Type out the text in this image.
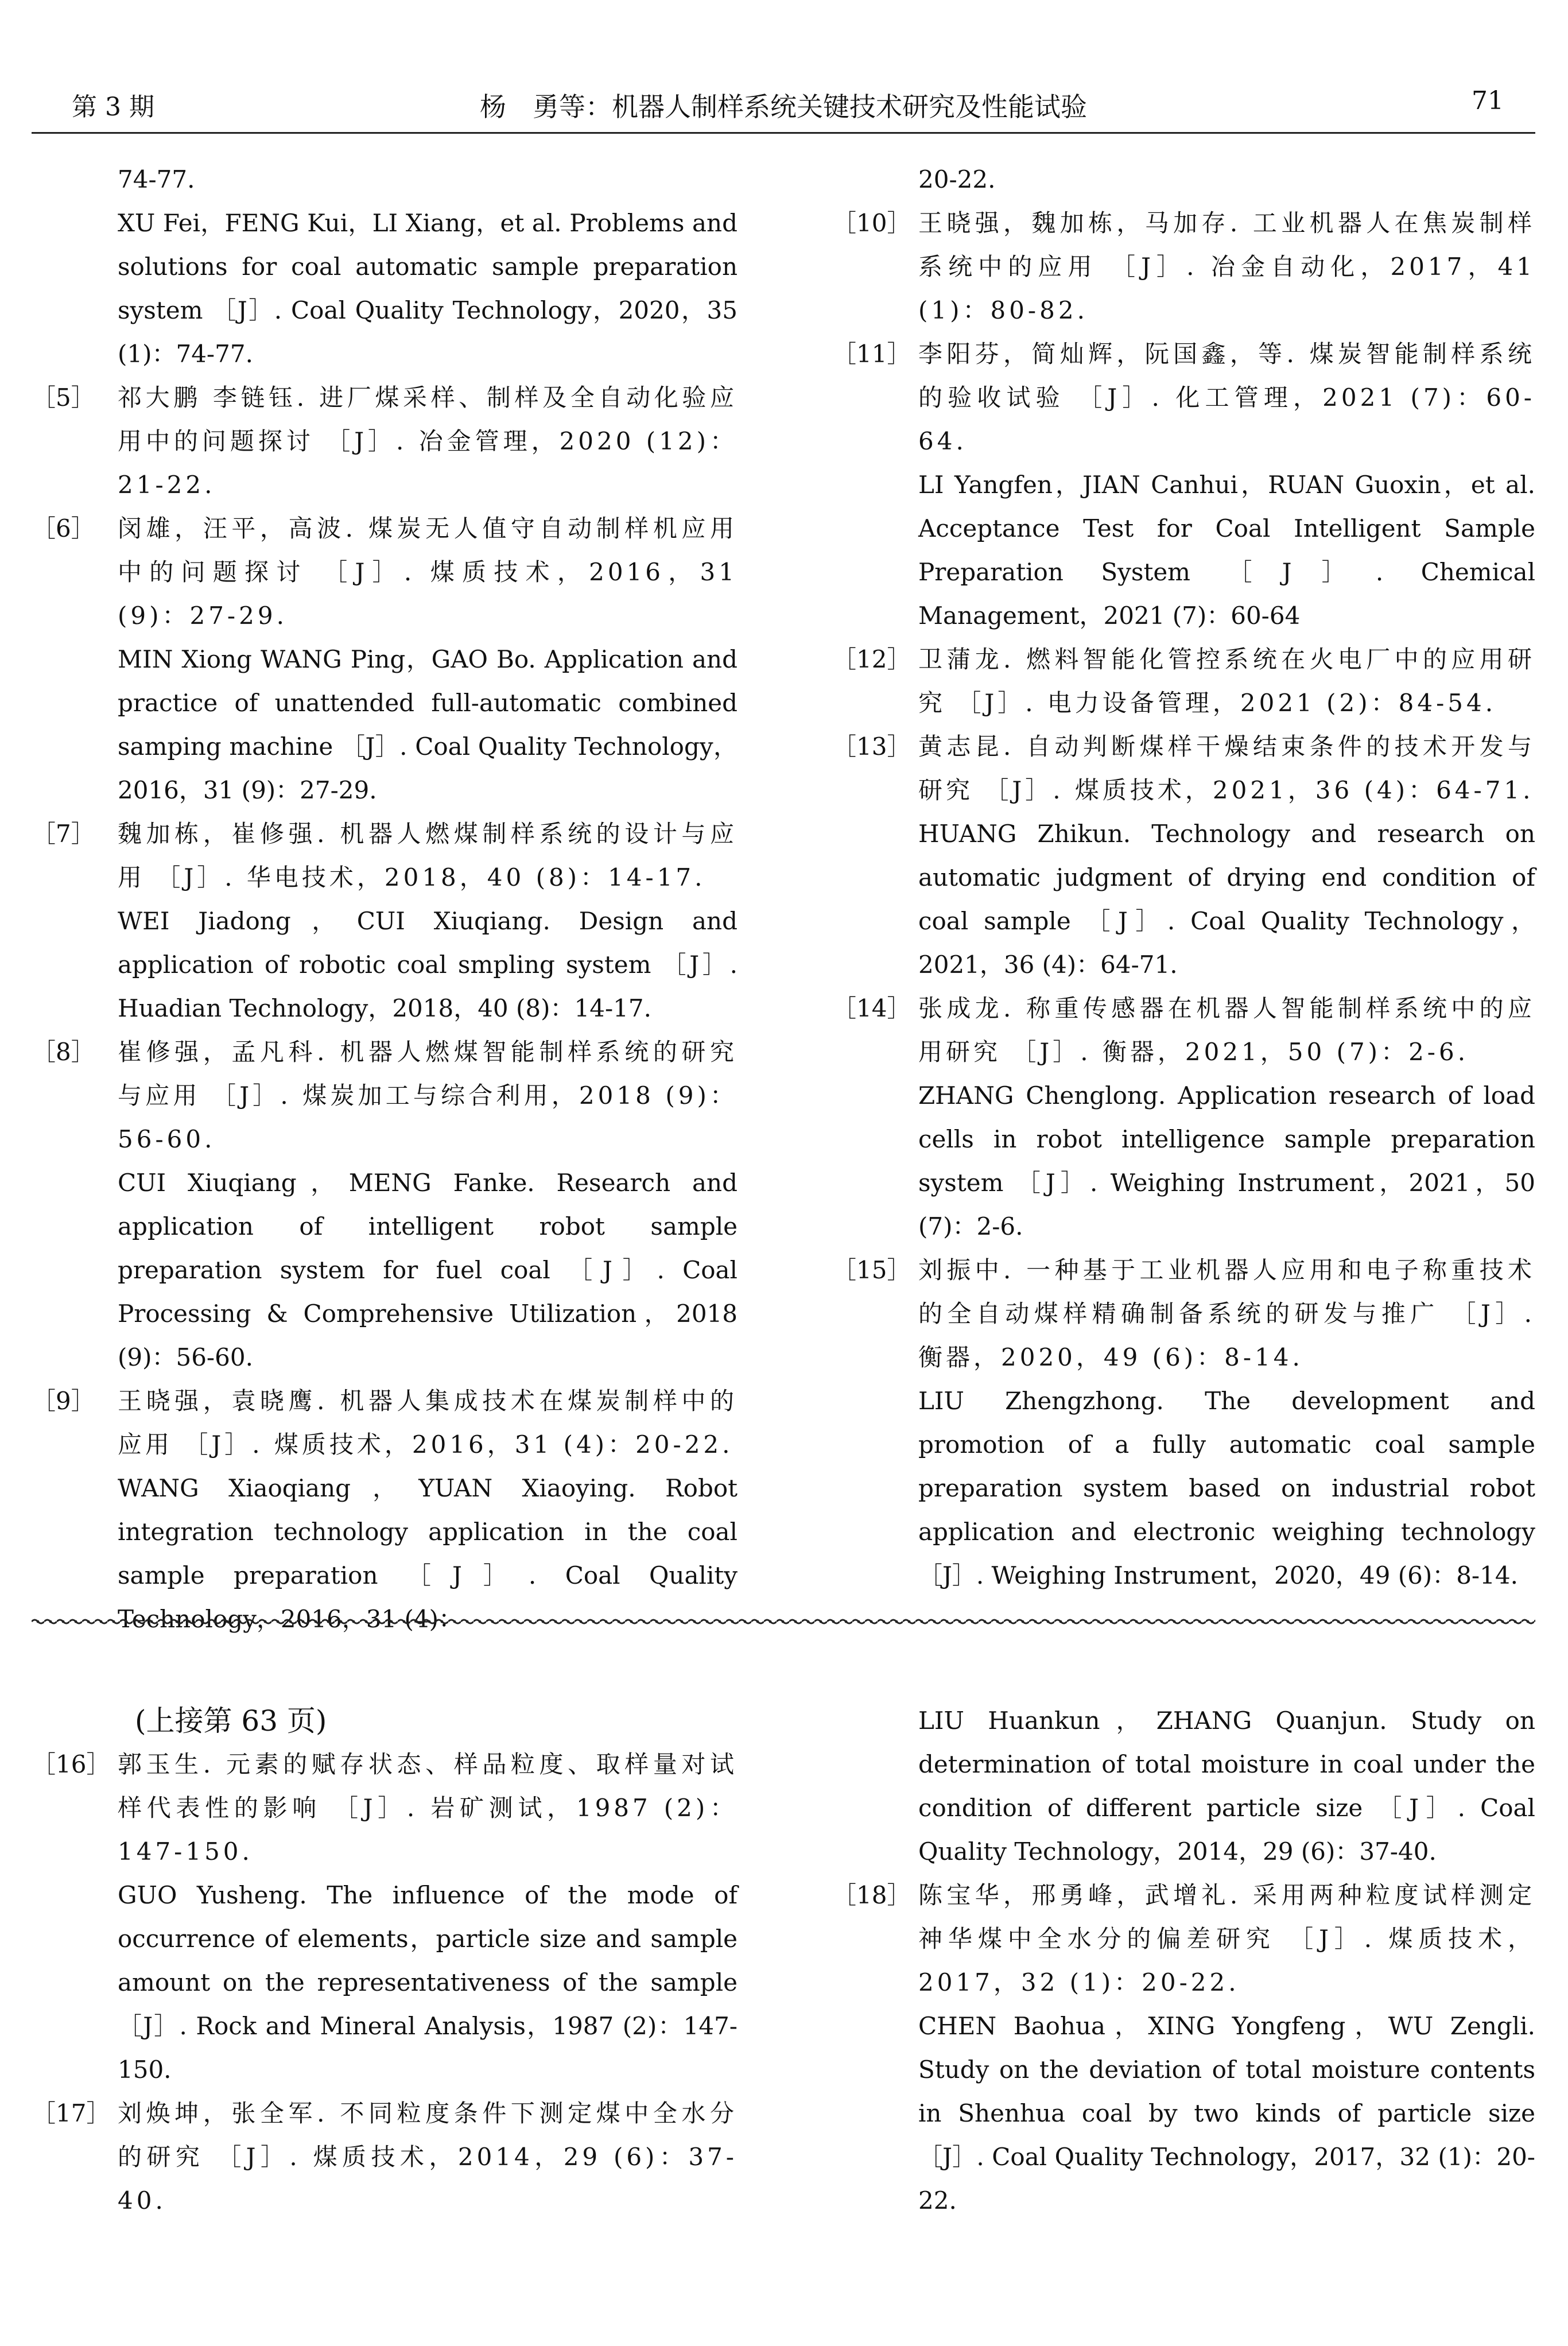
第 3 期	杨　勇等：机器人制样系统关键技术研究及性能试验	71
74-77.
XU Fei，FENG Kui，LI Xiang，et al. Problems and solutions for coal automatic sample preparation system ［J］. Coal Quality Technology，2020，35 (1)：74-77.
［5］ 祁大鹏 李链钰. 进厂煤采样、制样及全自动化验应用中的问题探讨 ［J］. 冶金管理，2020 (12)：21-22.
［6］ 闵雄，汪平，高波. 煤炭无人值守自动制样机应用中的问题探讨 ［J］. 煤质技术，2016，31 (9)：27-29.
MIN Xiong WANG Ping，GAO Bo. Application and practice of unattended full-automatic combined samping machine ［J］. Coal Quality Technology，2016，31 (9)：27-29.
［7］ 魏加栋，崔修强. 机器人燃煤制样系统的设计与应用 ［J］. 华电技术，2018，40 (8)：14-17.
WEI Jiadong，CUI Xiuqiang. Design and application of robotic coal smpling system ［J］. Huadian Technology，2018，40 (8)：14-17.
［8］ 崔修强，孟凡科. 机器人燃煤智能制样系统的研究与应用 ［J］. 煤炭加工与综合利用，2018 (9)：56-60.
CUI Xiuqiang，MENG Fanke. Research and application of intelligent robot sample preparation system for fuel coal ［J］. Coal Processing & Comprehensive Utilization，2018 (9)：56-60.
［9］ 王晓强，袁晓鹰. 机器人集成技术在煤炭制样中的应用 ［J］. 煤质技术，2016，31 (4)：20-22.
WANG Xiaoqiang，YUAN Xiaoying. Robot integration technology application in the coal sample preparation ［J］. Coal Quality
20-22.
［10］ 王晓强，魏加栋，马加存. 工业机器人在焦炭制样系统中的应用 ［J］. 冶金自动化，2017，41 (1)：80-82.
［11］ 李阳芬，简灿辉，阮国鑫，等. 煤炭智能制样系统的验收试验 ［J］. 化工管理，2021 (7)：60-64.
LI Yangfen，JIAN Canhui，RUAN Guoxin，et al. Acceptance Test for Coal Intelligent Sample Preparation System ［J］. Chemical Management，2021 (7)：60-64
［12］ 卫蒲龙. 燃料智能化管控系统在火电厂中的应用研究 ［J］. 电力设备管理，2021 (2)：84-54.
［13］ 黄志昆. 自动判断煤样干燥结束条件的技术开发与研究 ［J］. 煤质技术，2021，36 (4)：64-71.
HUANG Zhikun. Technology and research on automatic judgment of drying end condition of coal sample ［J］. Coal Quality Technology，2021，36 (4)：64-71.
［14］ 张成龙. 称重传感器在机器人智能制样系统中的应用研究 ［J］. 衡器，2021，50 (7)：2-6.
ZHANG Chenglong. Application research of load cells in robot intelligence sample preparation system ［J］. Weighing Instrument，2021，50 (7)：2-6.
［15］ 刘振中. 一种基于工业机器人应用和电子称重技术的全自动煤样精确制备系统的研发与推广 ［J］. 衡器，2020，49 (6)：8-14.
LIU Zhengzhong. The development and promotion of a fully automatic coal sample preparation system based on industrial robot application and electronic weighing technology ［J］. Weighing Instrument，2020，49 (6)：8-14.
(上接第 63 页)
［16］ 郭玉生. 元素的赋存状态、样品粒度、取样量对试样代表性的影响 ［J］. 岩矿测试，1987 (2)：147-150.
GUO Yusheng. The influence of the mode of occurrence of elements，particle size and sample amount on the representativeness of the sample ［J］. Rock and Mineral Analysis，1987 (2)：147-150.
［17］ 刘焕坤，张全军. 不同粒度条件下测定煤中全水分的研究 ［J］. 煤质技术，2014，29 (6)：37-40.
LIU Huankun，ZHANG Quanjun. Study on determination of total moisture in coal under the condition of different particle size ［J］. Coal Quality Technology，2014，29 (6)：37-40.
［18］ 陈宝华，邢勇峰，武增礼. 采用两种粒度试样测定神华煤中全水分的偏差研究 ［J］. 煤质技术，2017，32 (1)：20-22.
CHEN Baohua，XING Yongfeng，WU Zengli. Study on the deviation of total moisture contents in Shenhua coal by two kinds of particle size ［J］. Coal Quality Technology，2017，32 (1)：20-22.
